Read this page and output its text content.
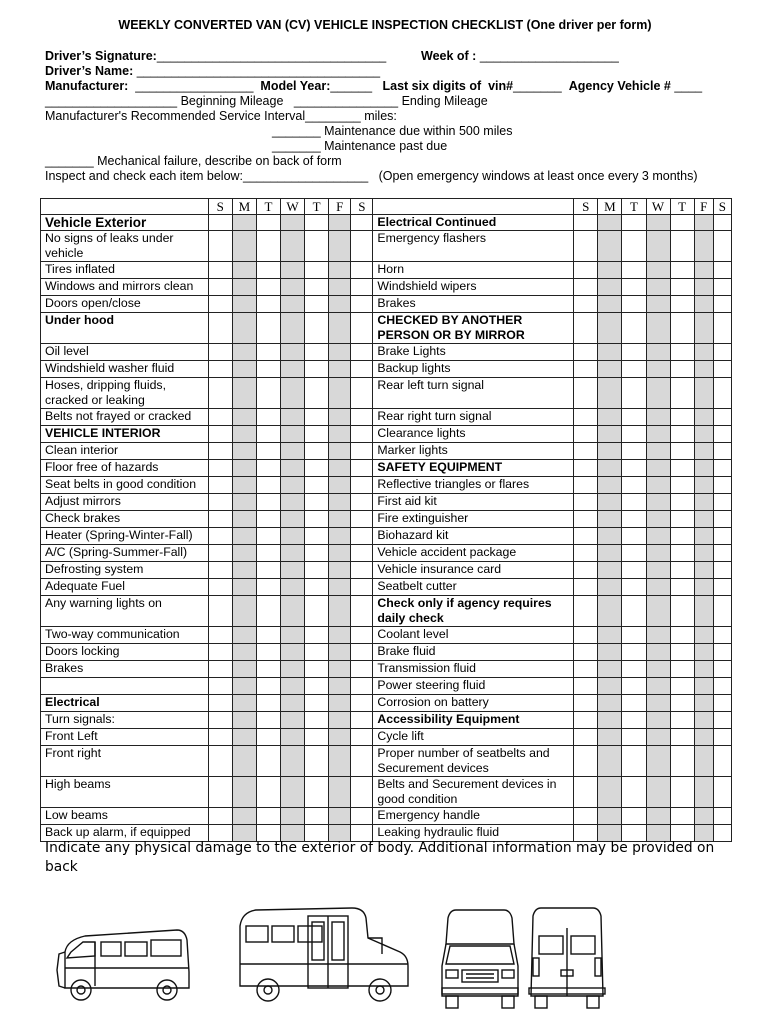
WEEKLY CONVERTED VAN (CV) VEHICLE INSPECTION CHECKLIST (One driver per form)
Driver’s Signature:_________________________________          Week of : ____________________
Driver’s Name: ___________________________________
Manufacturer:  _________________  Model Year:______   Last six digits of  vin#_______  Agency Vehicle # ____
___________________ Beginning Mileage   _______________ Ending Mileage
Manufacturer's Recommended Service Interval________ miles:
_______ Maintenance due within 500 miles
_______ Maintenance past due
_______ Mechanical failure, describe on back of form
Inspect and check each item below:__________________   (Open emergency windows at least once every 3 months)
	S	M	T	W	T	F	S		S	M	T	W	T	F	S
Vehicle Exterior								Electrical Continued							
No signs of leaks under vehicle								Emergency flashers							
Tires inflated								Horn							
Windows and mirrors clean								Windshield wipers							
Doors open/close								Brakes							
Under hood								CHECKED BY ANOTHER PERSON OR BY MIRROR							
Oil level								Brake Lights							
Windshield washer fluid								Backup lights							
Hoses, dripping fluids, cracked or leaking								Rear left turn signal							
Belts not frayed or cracked								Rear right turn signal							
VEHICLE INTERIOR								Clearance lights							
Clean interior								Marker lights							
Floor free of hazards								SAFETY EQUIPMENT							
Seat belts in good condition								Reflective triangles or flares							
Adjust mirrors								First aid kit							
Check brakes								Fire extinguisher							
Heater (Spring-Winter-Fall)								Biohazard kit							
A/C (Spring-Summer-Fall)								Vehicle accident package							
Defrosting system								Vehicle insurance card							
Adequate Fuel								Seatbelt cutter							
Any warning lights on								Check only if agency requires daily check							
Two-way communication								Coolant level							
Doors locking								Brake fluid							
Brakes								Transmission fluid							
								Power steering fluid							
Electrical								Corrosion on battery							
Turn signals:								Accessibility Equipment							
Front Left								Cycle lift							
Front right								Proper number of seatbelts and Securement devices							
High beams								Belts and Securement devices in good condition							
Low beams								Emergency handle							
Back up alarm, if equipped								Leaking hydraulic fluid							
Indicate any physical damage to the exterior of body. Additional information may be provided on back
